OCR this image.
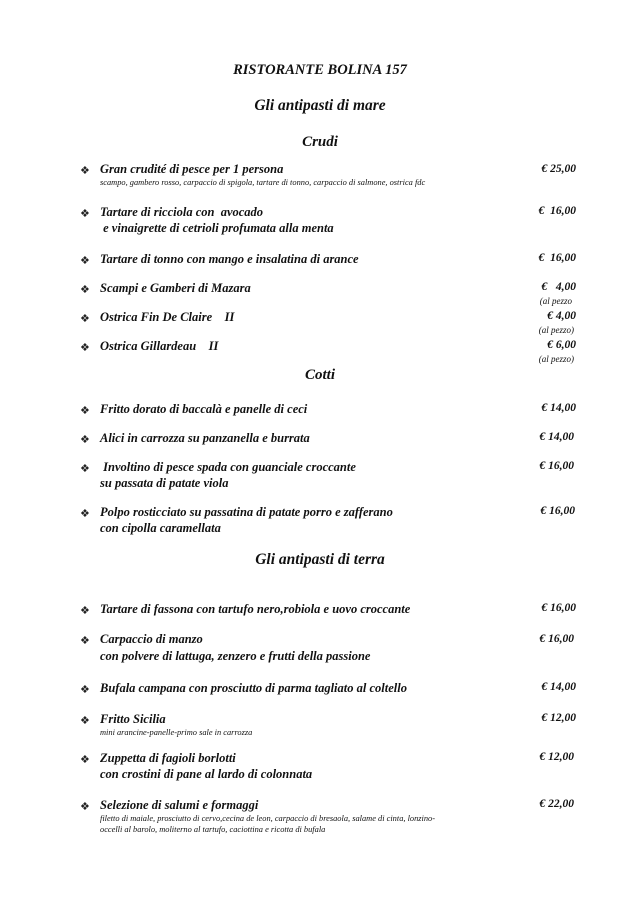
RISTORANTE BOLINA 157
Gli antipasti di mare
Crudi
❖ Gran crudité di pesce per 1 persona
scampo, gambero rosso, carpaccio di spigola, tartare di tonno, carpaccio di salmone, ostrica fdc
€ 25,00
❖ Tartare di ricciola con  avocado
e vinaigrette di cetrioli profumata alla menta
€  16,00
❖ Tartare di tonno con mango e insalatina di arance	€  16,00
❖ Scampi e Gamberi di Mazara	€   4,00
(al pezzo
❖ Ostrica Fin De Claire    II	€ 4,00
(al pezzo)
❖ Ostrica Gillardeau    II	€ 6,00
(al pezzo)
Cotti
❖ Fritto dorato di baccalà e panelle di ceci	€ 14,00
❖ Alici in carrozza su panzanella e burrata	€ 14,00
❖ Involtino di pesce spada con guanciale croccante
su passata di patate viola
€ 16,00
❖ Polpo rosticciato su passatina di patate porro e zafferano
con cipolla caramellata
€ 16,00
Gli antipasti di terra
❖ Tartare di fassona con tartufo nero,robiola e uovo croccante	€ 16,00
❖ Carpaccio di manzo
con polvere di lattuga, zenzero e frutti della passione
€ 16,00
❖ Bufala campana con prosciutto di parma tagliato al coltello	€ 14,00
❖ Fritto Sicilia
mini arancine-panelle-primo sale in carrozza
€ 12,00
❖ Zuppetta di fagioli borlotti
con crostini di pane al lardo di colonnata
€ 12,00
❖ Selezione di salumi e formaggi
filetto di maiale, prosciutto di cervo,cecina de leon, carpaccio di bresaola, salame di cinta, lonzino-
occelli al barolo, moliterno al tartufo, caciottina e ricotta di bufala
€ 22,00
